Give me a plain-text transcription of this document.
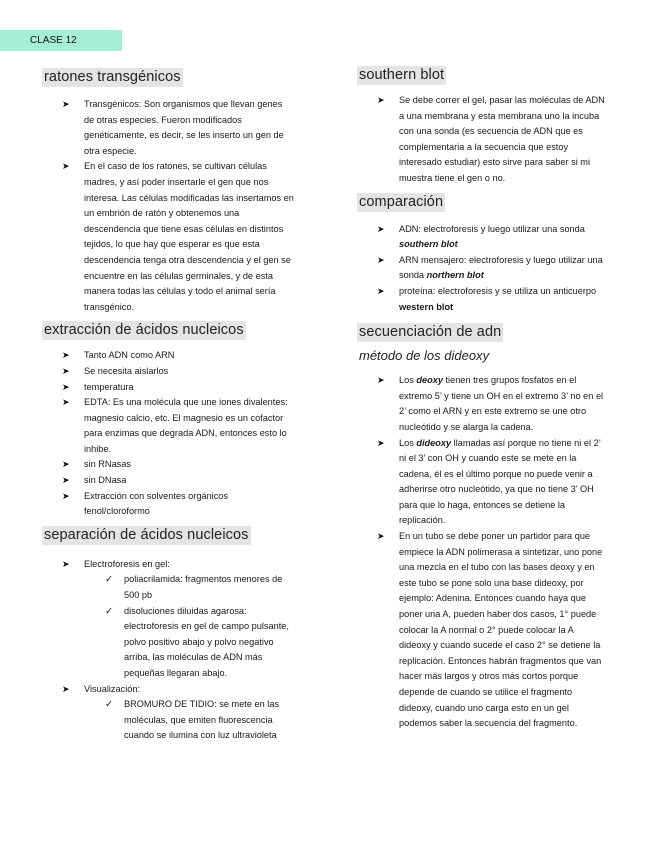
CLASE 12
ratones transgénicos
➤ Transgénicos: Son organismos que llevan genes de otras especies. Fueron modificados genéticamente, es decir, se les inserto un gen de otra especie.
➤ En el caso de los ratones, se cultivan células madres, y así poder insertarle el gen que nos interesa. Las células modificadas las insertamos en un embrión de ratón y obtenemos una descendencia que tiene esas células en distintos tejidos, lo que hay que esperar es que esta descendencia tenga otra descendencia y el gen se encuentre en las células germinales, y de esta manera todas las células y todo el animal sería transgénico.
extracción de ácidos nucleicos
➤ Tanto ADN como ARN
➤ Se necesita aislarlos
➤ temperatura
➤ EDTA: Es una molécula que une iones divalentes: magnesio calcio, etc. El magnesio es un cofactor para enzimas que degrada ADN, entonces esto lo inhibe.
➤ sin RNasas
➤ sin DNasa
➤ Extracción con solventes orgánicos fenol/cloroformo
separación de ácidos nucleicos
➤ Electroforesis en gel:
✓ poliacrilamida: fragmentos menores de 500 pb
✓ disoluciones diluidas agarosa: electroforesis en gel de campo pulsante, polvo positivo abajo y polvo negativo arriba, las moléculas de ADN más pequeñas llegaran abajo.
➤ Visualización:
✓ BROMURO DE TIDIO: se mete en las moléculas, que emiten fluorescencia cuando se ilumina con luz ultravioleta
southern blot
➤ Se debe correr el gel, pasar las moléculas de ADN a una membrana y esta membrana uno la incuba con una sonda (es secuencia de ADN que es complementaria a la secuencia que estoy interesado estudiar) esto sirve para saber si mi muestra tiene el gen o no.
comparación
➤ ADN: electroforesis y luego utilizar una sonda southern blot
➤ ARN mensajero: electroforesis y luego utilizar una sonda northern blot
➤ proteína: electroforesis y se utiliza un anticuerpo western blot
secuenciación de adn
método de los dideoxy
➤ Los deoxy tienen tres grupos fosfatos en el extremo 5’ y tiene un OH en el extremo 3’ no en el 2’ como el ARN y en este extremo se une otro nucleótido y se alarga la cadena.
➤ Los dideoxy llamadas así porque no tiene ni el 2’ ni el 3’ con OH y cuando este se mete en la cadena, él es el último porque no puede venir a adherirse otro nucleótido, ya que no tiene 3’ OH para que lo haga, entonces se detiene la replicación.
➤ En un tubo se debe poner un partidor para que empiece la ADN polimerasa a sintetizar, uno pone una mezcla en el tubo con las bases deoxy y en este tubo se pone solo una base dideoxy, por ejemplo: Adenina. Entonces cuando haya que poner una A, pueden haber dos casos, 1° puede colocar la A normal o 2° puede colocar la A dideoxy y cuando sucede el caso 2° se detiene la replicación. Entonces habrán fragmentos que van hacer más largos y otros más cortos porque depende de cuando se utilice el fragmento dideoxy, cuando uno carga esto en un gel podemos saber la secuencia del fragmento.
